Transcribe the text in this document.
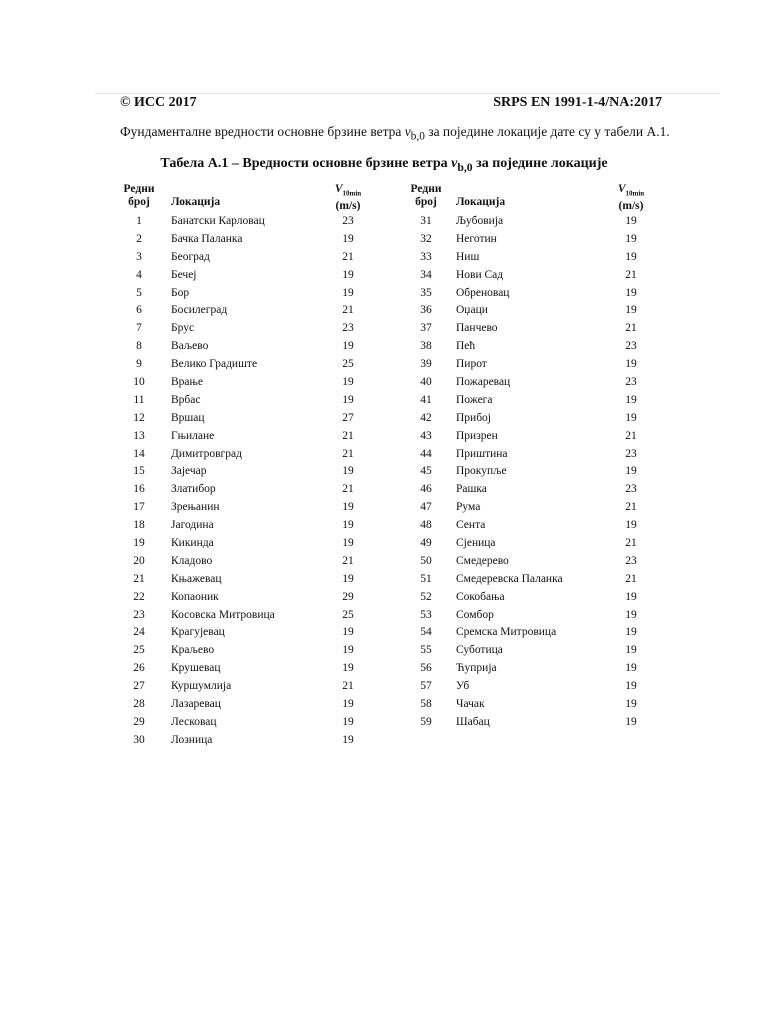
© ИСС 2017	SRPS EN 1991-1-4/NA:2017
Фундаменталне вредности основне брзине ветра $v_{b,0}$ за поједине локације дате су у табели А.1.
Табела А.1 – Вредности основне брзине ветра $v_{b,0}$ за поједине локације
Редни
број	Локација
$V_{10min}$
(m/s)
1	Банатски Карловац	23
2	Бачка Паланка	19
3	Београд	21
4	Бечеј	19
5	Бор	19
6	Босилеград	21
7	Брус	23
8	Ваљево	19
9	Велико Градиште	25
10	Врање	19
11	Врбас	19
12	Вршац	27
13	Гњилане	21
14	Димитровград	21
15	Зајечар	19
16	Златибор	21
17	Зрењанин	19
18	Јагодина	19
19	Кикинда	19
20	Кладово	21
21	Књажевац	19
22	Копаоник	29
23	Косовска Митровица	25
24	Крагујевац	19
25	Краљево	19
26	Крушевац	19
27	Куршумлија	21
28	Лазаревац	19
29	Лесковац	19
30	Лозница	19
Редни
број	Локација
$V_{10min}$
(m/s)
31	Љубовија	19
32	Неготин	19
33	Ниш	19
34	Нови Сад	21
35	Обреновац	19
36	Оџаци	19
37	Панчево	21
38	Пећ	23
39	Пирот	19
40	Пожаревац	23
41	Пожега	19
42	Прибој	19
43	Призрен	21
44	Приштина	23
45	Прокупље	19
46	Рашка	23
47	Рума	21
48	Сента	19
49	Сјеница	21
50	Смедерево	23
51	Смедеревска Паланка	21
52	Сокобања	19
53	Сомбор	19
54	Сремска Митровица	19
55	Суботица	19
56	Ћуприја	19
57	Уб	19
58	Чачак	19
59	Шабац	19
